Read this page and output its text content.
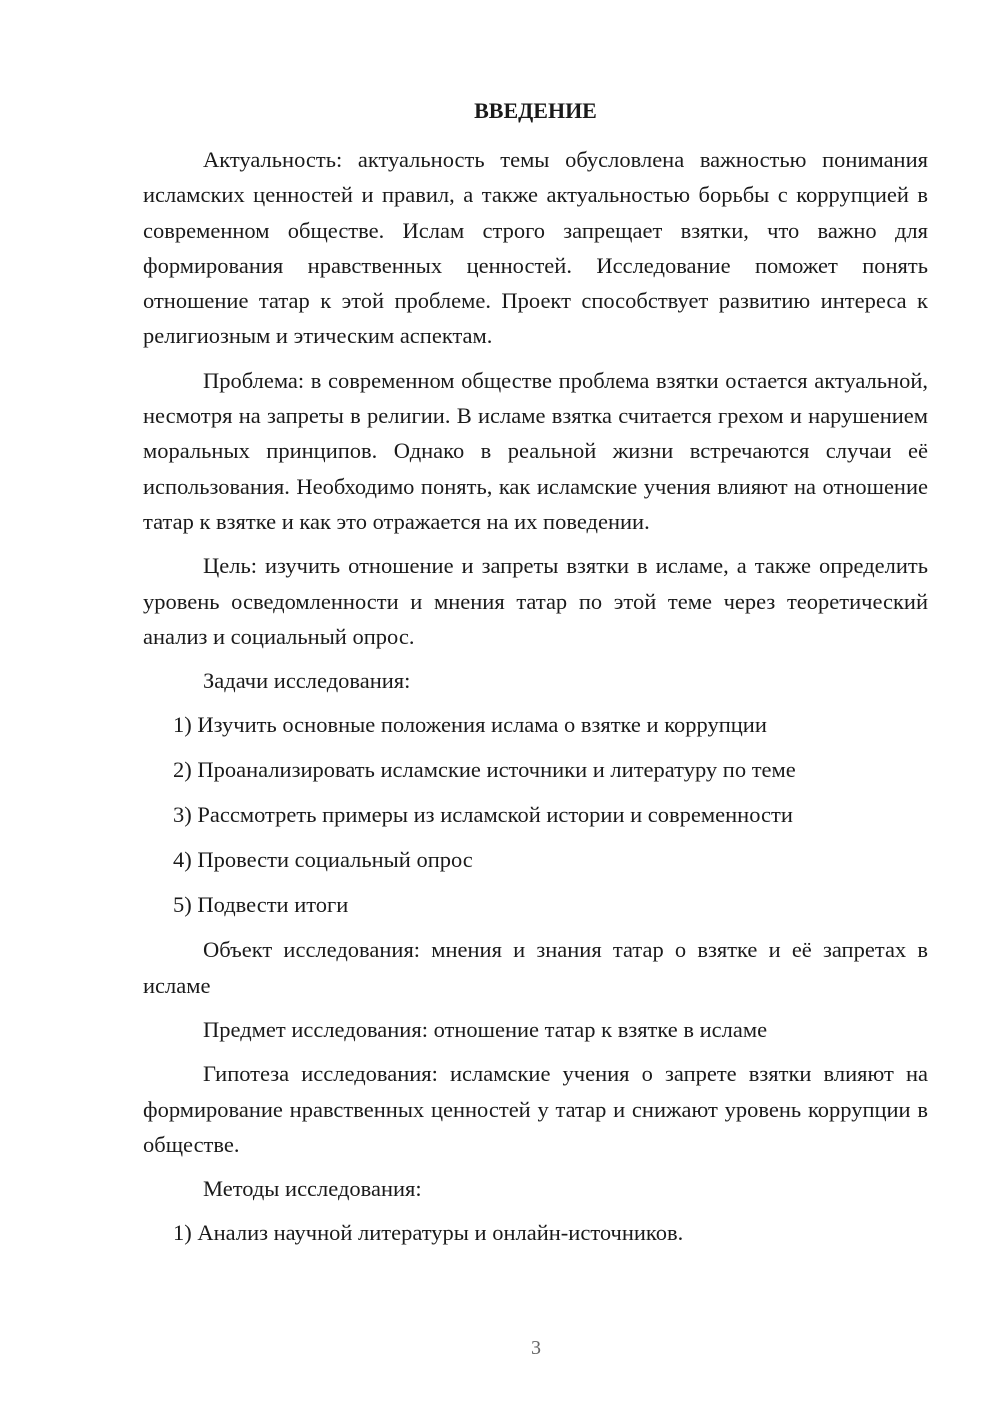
ВВЕДЕНИЕ

Актуальность: актуальность темы обусловлена важностью понимания исламских ценностей и правил, а также актуальностью борьбы с коррупцией в современном обществе. Ислам строго запрещает взятки, что важно для формирования нравственных ценностей. Исследование поможет понять отношение татар к этой проблеме. Проект способствует развитию интереса к религиозным и этическим аспектам.

Проблема: в современном обществе проблема взятки остается актуальной, несмотря на запреты в религии. В исламе взятка считается грехом и нарушением моральных принципов. Однако в реальной жизни встречаются случаи её использования. Необходимо понять, как исламские учения влияют на отношение татар к взятке и как это отражается на их поведении.

Цель: изучить отношение и запреты взятки в исламе, а также определить уровень осведомленности и мнения татар по этой теме через теоретический анализ и социальный опрос.

Задачи исследования:

1) Изучить основные положения ислама о взятке и коррупции

2) Проанализировать исламские источники и литературу по теме

3) Рассмотреть примеры из исламской истории и современности

4) Провести социальный опрос

5) Подвести итоги

Объект исследования: мнения и знания татар о взятке и её запретах в исламе

Предмет исследования: отношение татар к взятке в исламе

Гипотеза исследования: исламские учения о запрете взятки влияют на формирование нравственных ценностей у татар и снижают уровень коррупции в обществе.

Методы исследования:

1) Анализ научной литературы и онлайн-источников.

3
